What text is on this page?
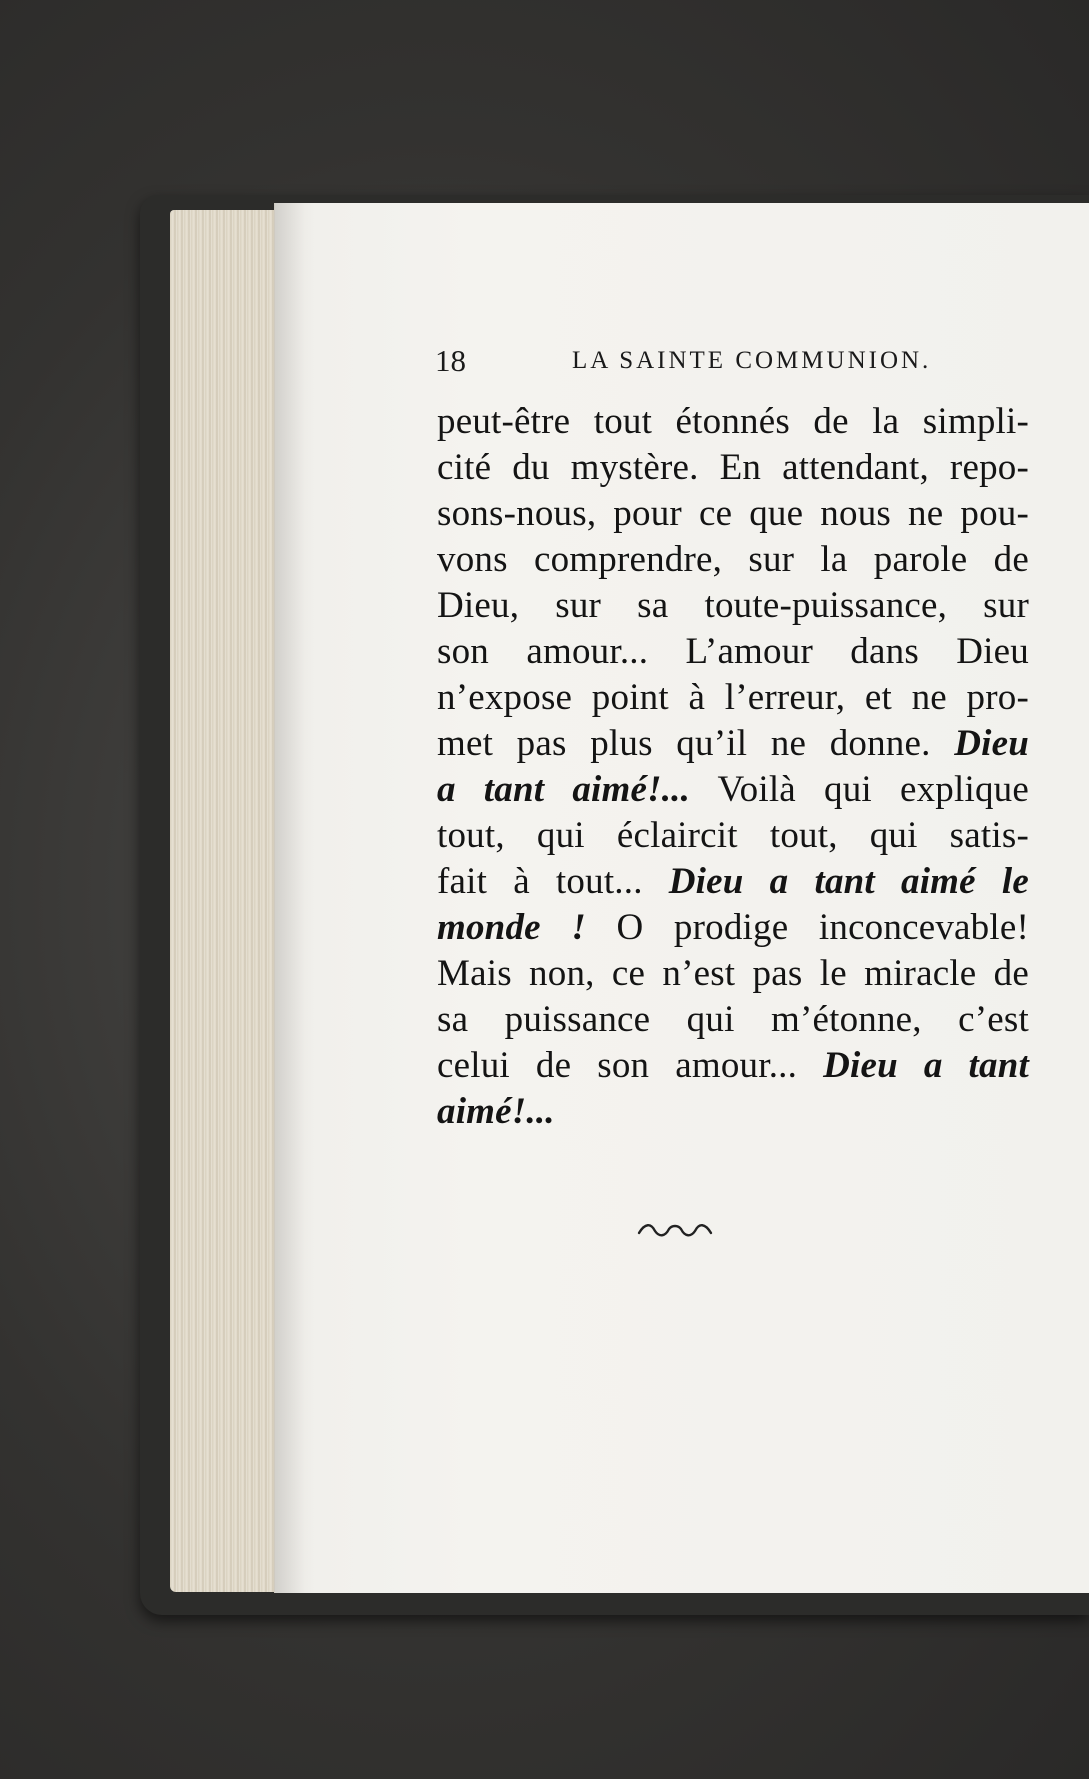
18	LA SAINTE COMMUNION.
peut-être tout étonnés de la simpli-
cité du mystère. En attendant, repo-
sons-nous, pour ce que nous ne pou-
vons comprendre, sur la parole de
Dieu, sur sa toute-puissance, sur
son amour... L’amour dans Dieu
n’expose point à l’erreur, et ne pro-
met pas plus qu’il ne donne. Dieu
a tant aimé!... Voilà qui explique
tout, qui éclaircit tout, qui satis-
fait à tout... Dieu a tant aimé le
monde ! O prodige inconcevable!
Mais non, ce n’est pas le miracle de
sa puissance qui m’étonne, c’est
celui de son amour... Dieu a tant
aimé!...
